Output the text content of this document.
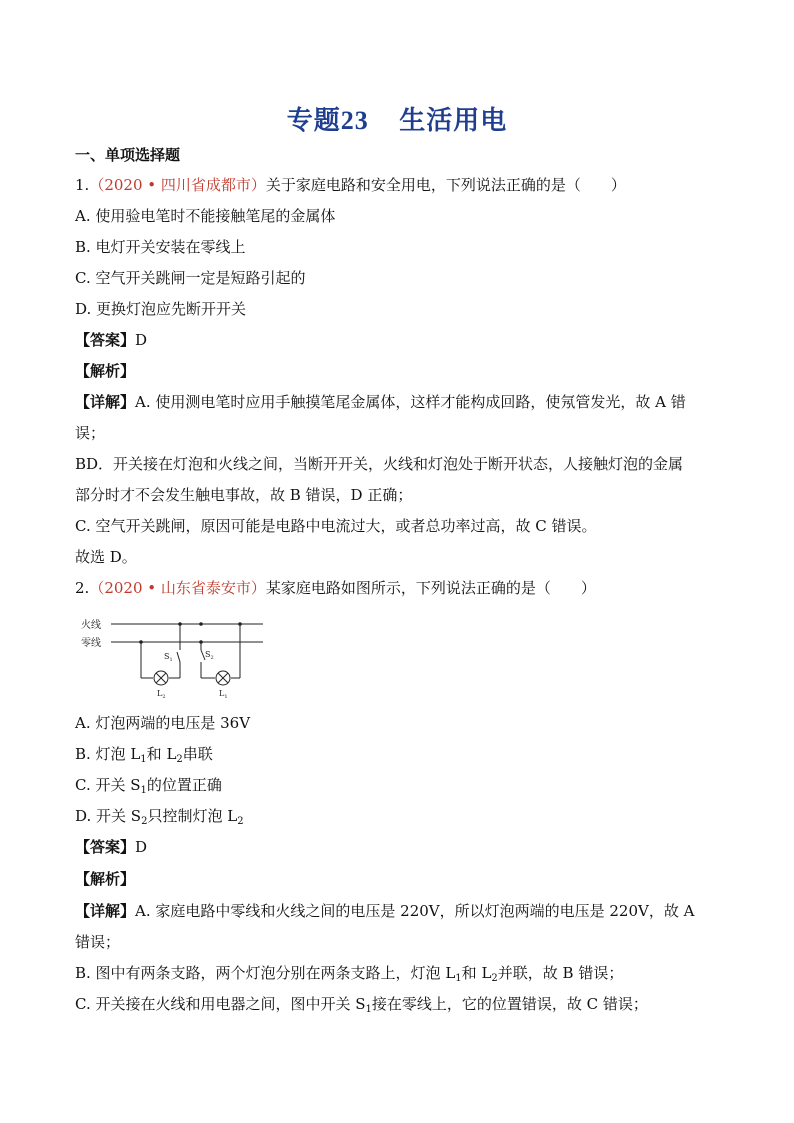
专题23　  生活用电
一、单项选择题
1.（2020 • 四川省成都市）关于家庭电路和安全用电，下列说法正确的是（　　）
A. 使用验电笔时不能接触笔尾的金属体
B. 电灯开关安装在零线上
C. 空气开关跳闸一定是短路引起的
D. 更换灯泡应先断开开关
【答案】D
【解析】
【详解】A. 使用测电笔时应用手触摸笔尾金属体，这样才能构成回路，使氖管发光，故 A 错
误；
BD．开关接在灯泡和火线之间，当断开开关，火线和灯泡处于断开状态，人接触灯泡的金属
部分时才不会发生触电事故，故 B 错误，D 正确；
C. 空气开关跳闸，原因可能是电路中电流过大，或者总功率过高，故 C 错误。
故选 D。
2.（2020 • 山东省泰安市）某家庭电路如图所示，下列说法正确的是（　　）
火线
零线
$S_1$
$L_2$
$S_2$
$L_1$
A. 灯泡两端的电压是 36V
B. 灯泡 $L_1$和 $L_2$串联
C. 开关 $S_1$的位置正确
D. 开关 $S_2$只控制灯泡 $L_2$
【答案】D
【解析】
【详解】A. 家庭电路中零线和火线之间的电压是 220V，所以灯泡两端的电压是 220V，故 A
错误；
B. 图中有两条支路，两个灯泡分别在两条支路上，灯泡 $L_1$和 $L_2$并联，故 B 错误；
C. 开关接在火线和用电器之间，图中开关 $S_1$接在零线上，它的位置错误，故 C 错误；
